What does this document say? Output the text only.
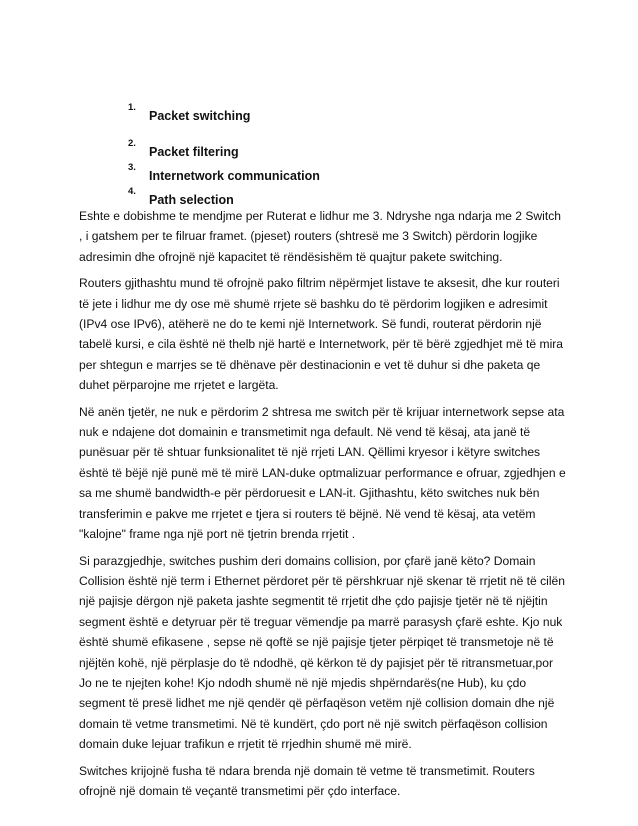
1.
Packet switching
2.
Packet filtering
3.
Internetwork communication
4.
Path selection

Eshte e dobishme te mendjme per Ruterat e lidhur me 3. Ndryshe nga ndarja me 2 Switch , i gatshem per te filruar framet. (pjeset) routers (shtresë me 3 Switch) përdorin logjike adresimin dhe ofrojnë një kapacitet të rëndësishëm të quajtur pakete switching.

Routers gjithashtu mund të ofrojnë pako filtrim nëpërmjet listave te aksesit, dhe kur routeri të jete i lidhur me dy ose më shumë rrjete së bashku do të përdorim logjiken e adresimit (IPv4 ose IPv6), atëherë ne do te kemi një Internetwork. Së fundi, routerat përdorin një tabelë kursi, e cila është në thelb një hartë e Internetwork, për të bërë zgjedhjet më të mira per shtegun e marrjes se të dhënave për destinacionin e vet të duhur si dhe paketa qe duhet përparojne me rrjetet e largëta.

Në anën tjetër, ne nuk e përdorim 2 shtresa me switch për të krijuar internetwork sepse ata nuk e ndajene dot domainin e transmetimit nga default. Në vend të kësaj, ata janë të punësuar për të shtuar funksionalitet të një rrjeti LAN. Qëllimi kryesor i këtyre switches është të bëjë një punë më të mirë LAN-duke optmalizuar performance e ofruar, zgjedhjen e sa me shumë bandwidth-e për përdoruesit e LAN-it. Gjithashtu, këto switches nuk bën transferimin e pakve me rrjetet e tjera si routers të bëjnë. Në vend të kësaj, ata vetëm "kalojne" frame nga një port në tjetrin brenda rrjetit .

Si parazgjedhje, switches pushim deri domains collision, por çfarë janë këto? Domain Collision është një term i Ethernet përdoret për të përshkruar një skenar të rrjetit në të cilën një pajisje dërgon një paketa jashte segmentit të rrjetit dhe çdo pajisje tjetër në të njëjtin segment është e detyruar për të treguar vëmendje pa marrë parasysh çfarë eshte. Kjo nuk është shumë efikasene , sepse në qoftë se një pajisje tjeter përpiqet të transmetoje në të njëjtën kohë, një përplasje do të ndodhë, që kërkon të dy pajisjet për të ritransmetuar,por Jo ne te njejten kohe! Kjo ndodh shumë në një mjedis shpërndarës(ne Hub), ku çdo segment të presë lidhet me një qendër që përfaqëson vetëm një collision domain dhe një domain të vetme transmetimi. Në të kundërt, çdo port në një switch përfaqëson collision domain duke lejuar trafikun e rrjetit të rrjedhin shumë më mirë.

Switches krijojnë fusha të ndara brenda një domain të vetme të transmetimit. Routers ofrojnë një domain të veçantë transmetimi për çdo interface.
